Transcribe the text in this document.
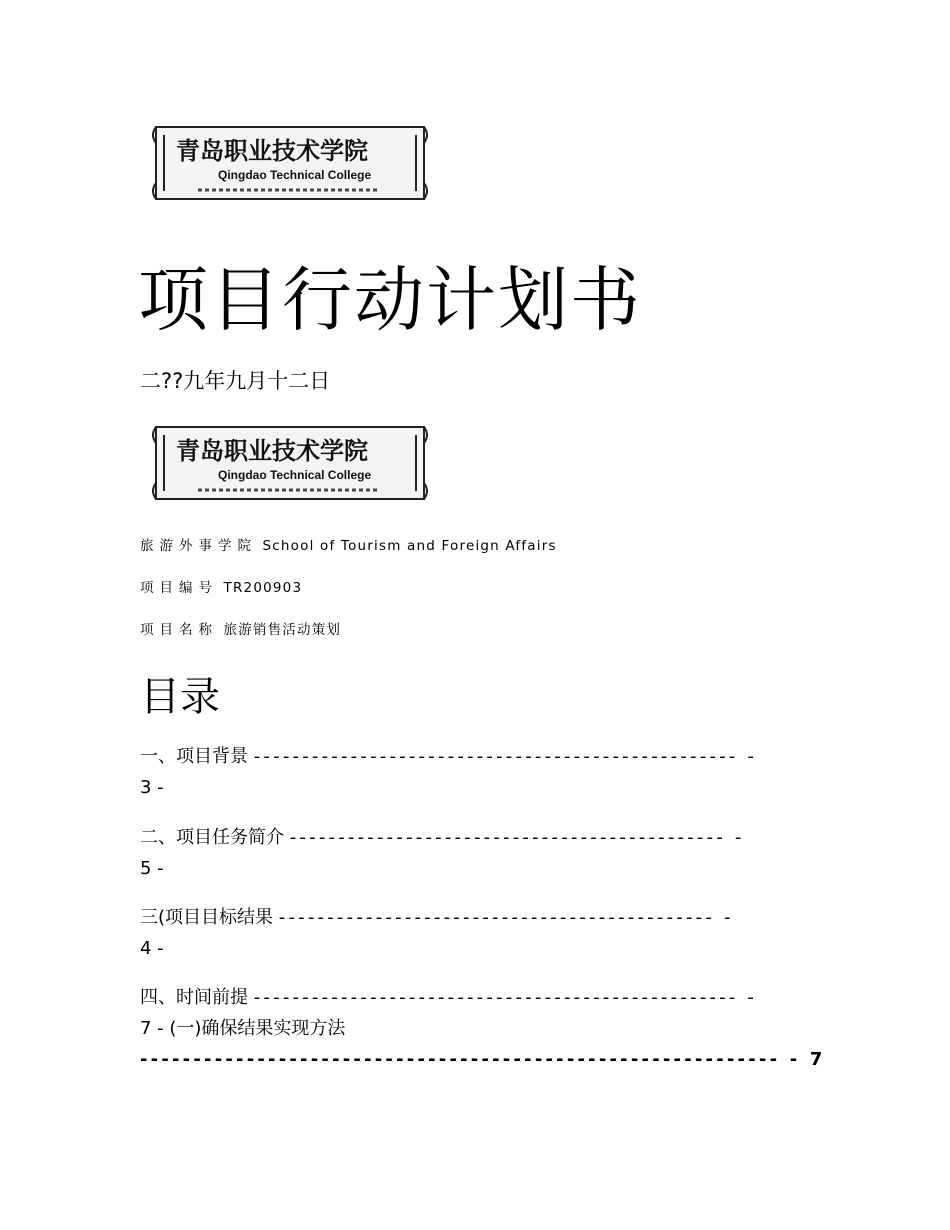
青岛职业技术学院
Qingdao Technical College
项目行动计划书
二??九年九月十二日
青岛职业技术学院
Qingdao Technical College
旅游外事学院 School of Tourism and Foreign Affairs
项目编号 TR200903
项目名称 旅游销售活动策划
目录
一、项目背景 -------------------------------------------------- -
3 -
二、项目任务简介 --------------------------------------------- -
5 -
三(项目目标结果 --------------------------------------------- -
4 -
四、时间前提 -------------------------------------------------- -
7 - (一)确保结果实现方法
------------------------------------------------------------ - 7
